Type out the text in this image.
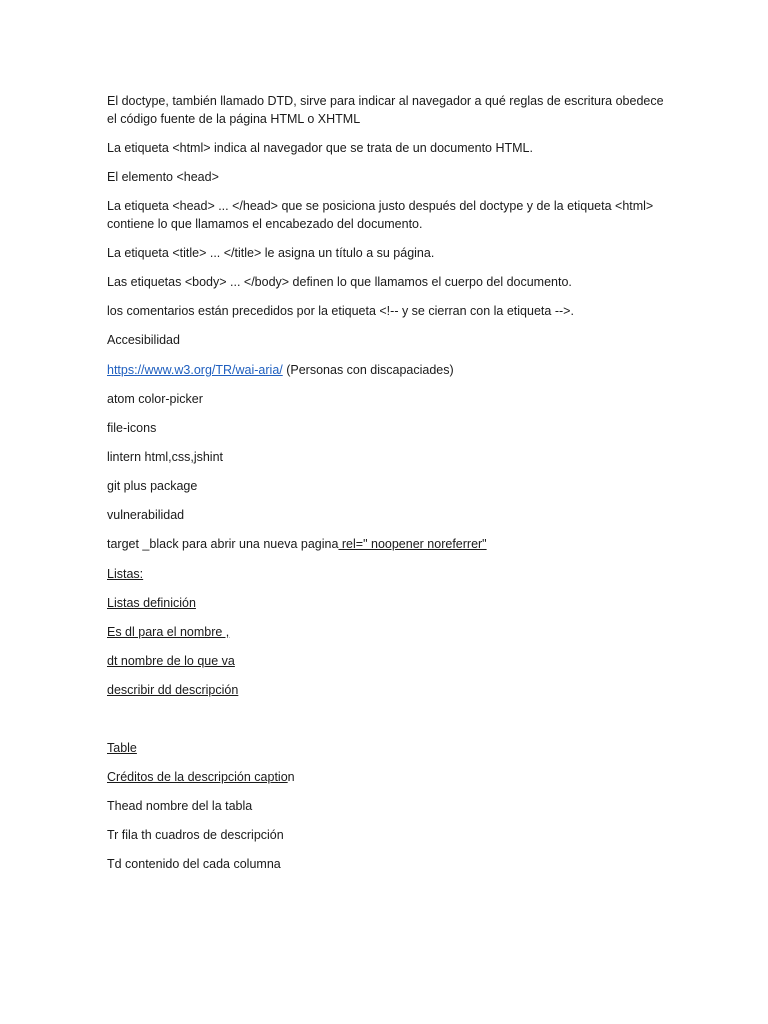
El doctype, también llamado DTD, sirve para indicar al navegador a qué reglas de escritura obedece
el código fuente de la página HTML o XHTML
La etiqueta <html> indica al navegador que se trata de un documento HTML.
El elemento <head>
La etiqueta <head> ... </head> que se posiciona justo después del doctype y de la etiqueta <html>
contiene lo que llamamos el encabezado del documento.
La etiqueta <title> ... </title> le asigna un título a su página.
Las etiquetas <body> ... </body> definen lo que llamamos el cuerpo del documento.
los comentarios están precedidos por la etiqueta <!-- y se cierran con la etiqueta -->.
Accesibilidad
https://www.w3.org/TR/wai-aria/ (Personas con discapaciades)
atom color-picker
file-icons
lintern html,css,jshint
git plus package
vulnerabilidad
target _black para abrir una nueva pagina rel=" noopener noreferrer"
Listas:
Listas definición
Es dl para el nombre ,
dt nombre de lo que va
describir dd descripción
Table
Créditos de la descripción caption
Thead nombre del la tabla
Tr fila th cuadros de descripción
Td contenido del cada columna
